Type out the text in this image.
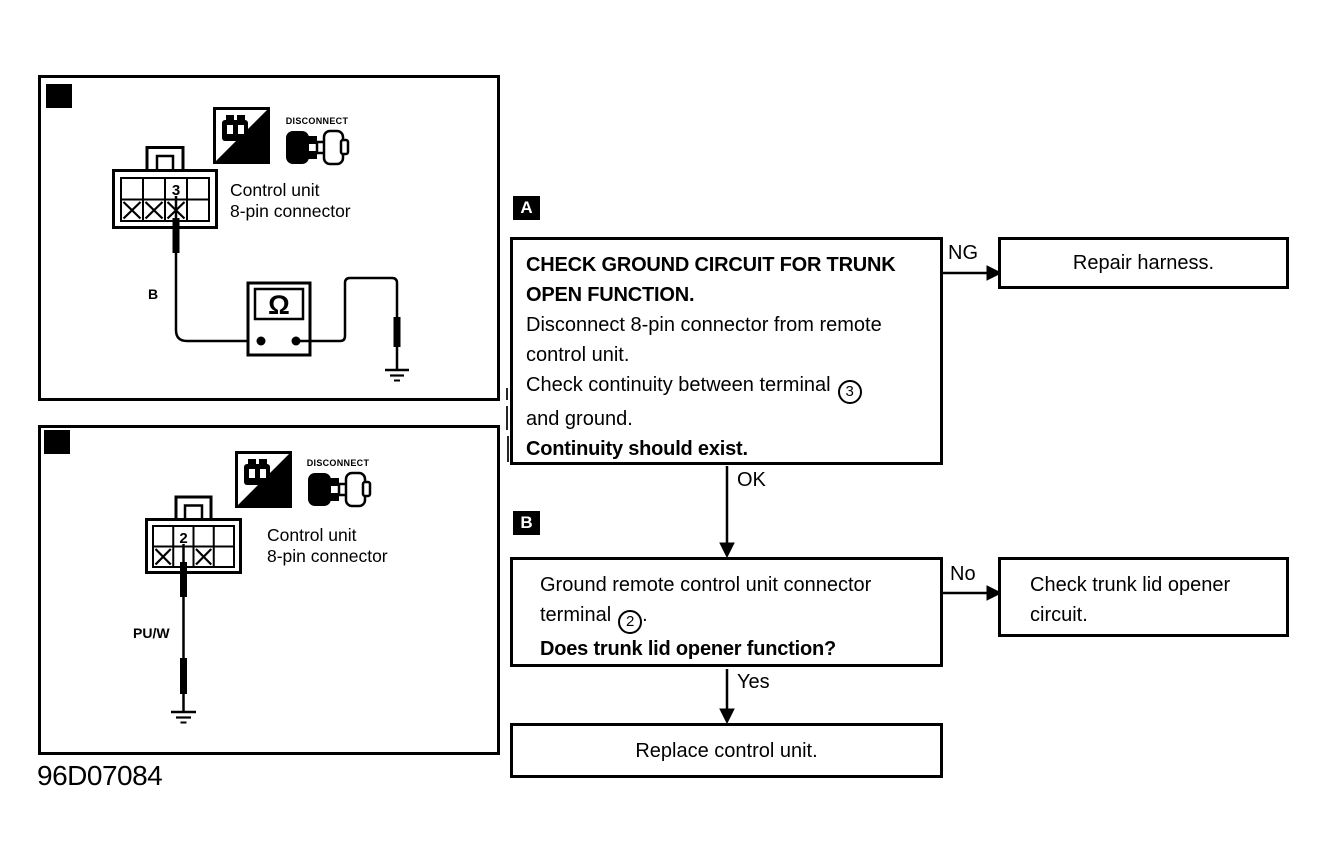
A
H.S.
DISCONNECT
3	Control unit
8-pin connector
B	Ω
B
H.S.
DISCONNECT
2	Control unit
8-pin connector
PU/W
96D07084
A
CHECK GROUND CIRCUIT FOR TRUNK
OPEN FUNCTION.
Disconnect 8-pin connector from remote
control unit.
Check continuity between terminal 3
and ground.
Continuity should exist.
NG	Repair harness.
OK
B
Ground remote control unit connector
terminal 2 .
Does trunk lid opener function?
No	Check trunk lid opener
circuit.
Yes
Replace control unit.
